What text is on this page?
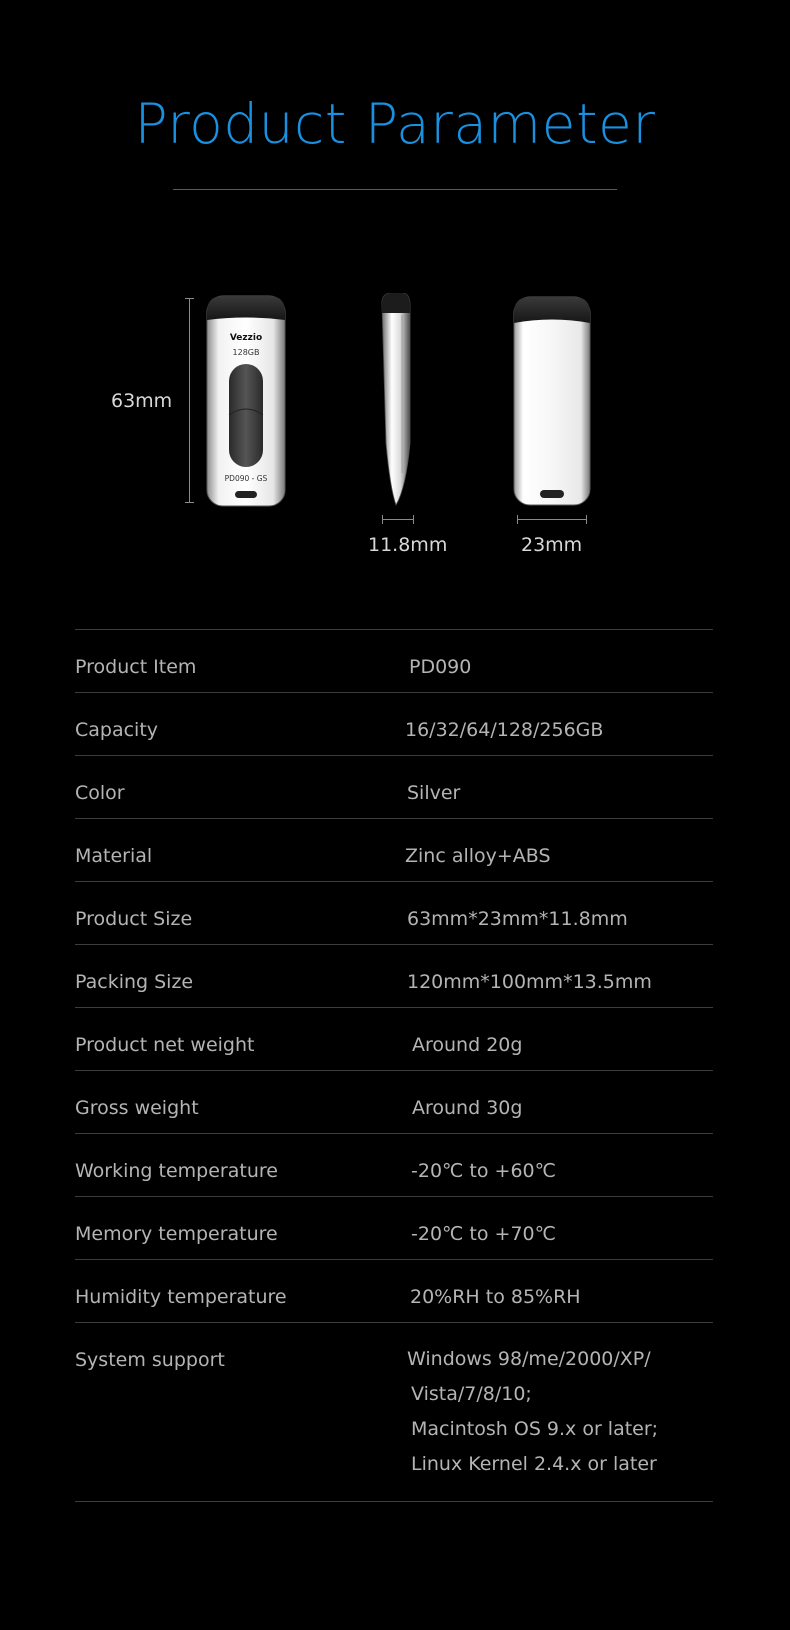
Product Parameter
63mm
Vezzio
128GB
PD090 - GS
11.8mm	23mm
Product Item	PD090
Capacity	16/32/64/128/256GB
Color	Silver
Material	Zinc alloy+ABS
Product Size	63mm*23mm*11.8mm
Packing Size	120mm*100mm*13.5mm
Product net weight	Around 20g
Gross weight	Around 30g
Working temperature	-20℃ to +60℃
Memory temperature	-20℃ to +70℃
Humidity temperature	20%RH to 85%RH
System support	Windows 98/me/2000/XP/
Vista/7/8/10;
Macintosh OS 9.x or later;
Linux Kernel 2.4.x or later
